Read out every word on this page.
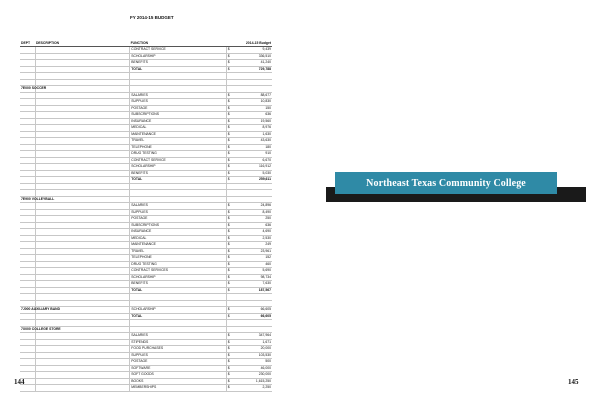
FY 2014-15 BUDGET
DEPT	DESCRIPTION	FUNCTION	2014-15 Budget
CONTRACT SERVICE	$	9,439
SCHOLARSHIP	$	336,510
BENEFITS	$	41,240
TOTAL	$	729,788
7E000 SOCCER
SALARIES	$	88,677
SUPPLIES	$	10,830
POSTAGE	$	150
SUBSCRIPTIONS	$	636
INSURANCE	$	19,560
MEDICAL	$	8,976
MAINTENANCE	$	1,630
TRAVEL	$	43,630
TELEPHONE	$	180
DRUG TESTING	$	910
CONTRACT SERVICE	$	6,670
SCHOLARSHIP	$	116,912
BENEFITS	$	5,030
TOTAL	$	259,611
7E900 VOLLEYBALL
SALARIES	$	24,896
SUPPLIES	$	8,490
POSTAGE	$	250
SUBSCRIPTIONS	$	636
INSURANCE	$	4,690
MEDICAL	$	2,530
MAINTENANCE	$	249
TRAVEL	$	23,961
TELEPHONE	$	152
DRUG TESTING	$	460
CONTRACT SERVICES	$	5,690
SCHOLARSHIP	$	98,734
BENEFITS	$	7,630
TOTAL	$	187,567
7J000 AUXILIARY BAND	SCHOLARSHIP	$	66,605
TOTAL	$	66,605
7X000 COLLEGE STORE
SALARIES	$	347,964
STIPENDS	$	1,671
FOOD PURCHASES	$	20,000
SUPPLIES	$	103,530
POSTAGE	$	500
SOFTWARE	$	46,000
SOFT GOODS	$	230,000
BOOKS	$	1,615,250
MEMBERSHIPS	$	2,250
144
Northeast Texas Community College
145
